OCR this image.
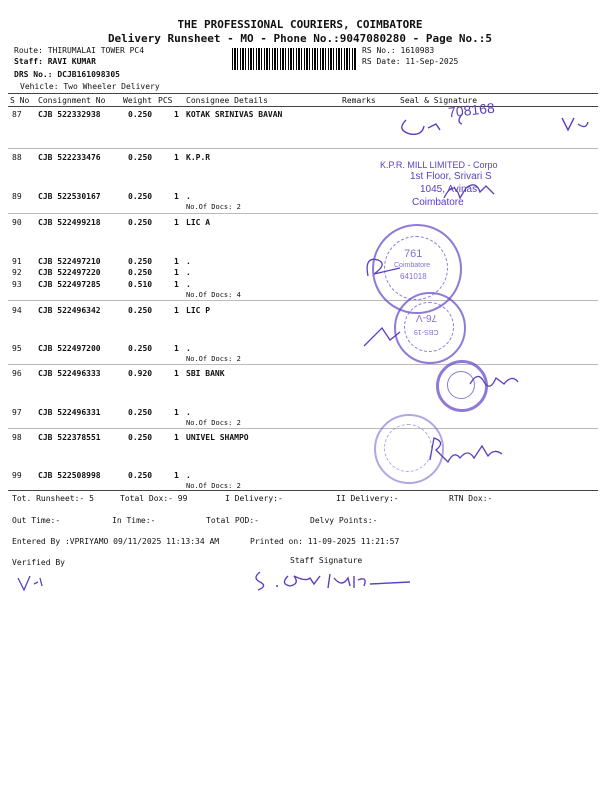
THE PROFESSIONAL COURIERS, COIMBATORE
Delivery Runsheet - MO - Phone No.:9047080280 - Page No.:5
Route: THIRUMALAI TOWER PC4
Staff: RAVI KUMAR
DRS No.: DCJB161098305
Vehicle: Two Wheeler Delivery
RS No.: 1610983
RS Date: 11-Sep-2025
S No Consignment No Weight PCS Consignee Details	Remarks	Seal & Signature
87 CJB 522332938	0.250	1 KOTAK SRINIVAS BAVAN
88 CJB 522233476	0.250	1 K.P.R
89 CJB 522530167	0.250	1 .
No.Of Docs: 2
90 CJB 522499218	0.250	1 LIC A
91 CJB 522497210	0.250	1 .
92 CJB 522497220	0.250	1 .
93 CJB 522497285	0.510	1 .
No.Of Docs: 4
94 CJB 522496342	0.250	1 LIC P
95 CJB 522497200	0.250	1 .
No.Of Docs: 2
96 CJB 522496333	0.920	1 SBI BANK
97 CJB 522496331	0.250	1 .
No.Of Docs: 2
98 CJB 522378551	0.250	1 UNIVEL SHAMPO
99 CJB 522508998	0.250	1 .
No.Of Docs: 2
Tot. Runsheet:- 5	Total Dox:- 99	I Delivery:-	II Delivery:-	RTN Dox:-
Out Time:-	In Time:-	Total POD:-	Delvy Points:-
Entered By :VPRIYAMO 09/11/2025 11:13:34 AM	Printed on: 11-09-2025 11:21:57
Verified By	Staff Signature
708168
K.P.R. MILL LIMITED - Corpo
1st Floor, Srivari S
1045, Avinas
Coimbatore
761
Coimbatore
641018
76-V
CBS-19
